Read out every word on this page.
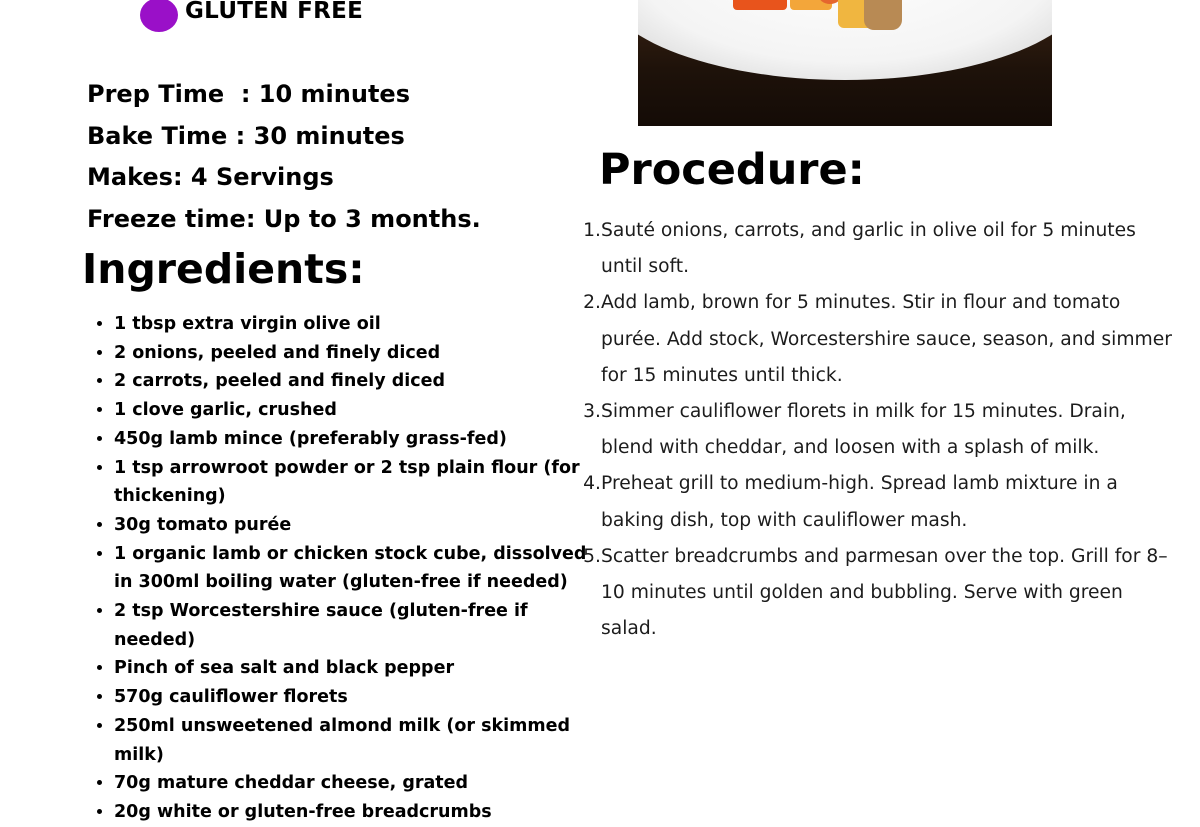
GLUTEN FREE
Prep Time  : 10 minutes
Bake Time : 30 minutes
Makes: 4 Servings
Freeze time: Up to 3 months.
Ingredients:
• 1 tbsp extra virgin olive oil
• 2 onions, peeled and finely diced
• 2 carrots, peeled and finely diced
• 1 clove garlic, crushed
• 450g lamb mince (preferably grass-fed)
• 1 tsp arrowroot powder or 2 tsp plain flour (for thickening)
• 30g tomato purée
• 1 organic lamb or chicken stock cube, dissolved in 300ml boiling water (gluten-free if needed)
• 2 tsp Worcestershire sauce (gluten-free if needed)
• Pinch of sea salt and black pepper
• 570g cauliflower florets
• 250ml unsweetened almond milk (or skimmed milk)
• 70g mature cheddar cheese, grated
• 20g white or gluten-free breadcrumbs
Procedure:
1. Sauté onions, carrots, and garlic in olive oil for 5 minutes until soft.
2. Add lamb, brown for 5 minutes. Stir in flour and tomato purée. Add stock, Worcestershire sauce, season, and simmer for 15 minutes until thick.
3. Simmer cauliflower florets in milk for 15 minutes. Drain, blend with cheddar, and loosen with a splash of milk.
4. Preheat grill to medium-high. Spread lamb mixture in a baking dish, top with cauliflower mash.
5. Scatter breadcrumbs and parmesan over the top. Grill for 8–10 minutes until golden and bubbling. Serve with green salad.
